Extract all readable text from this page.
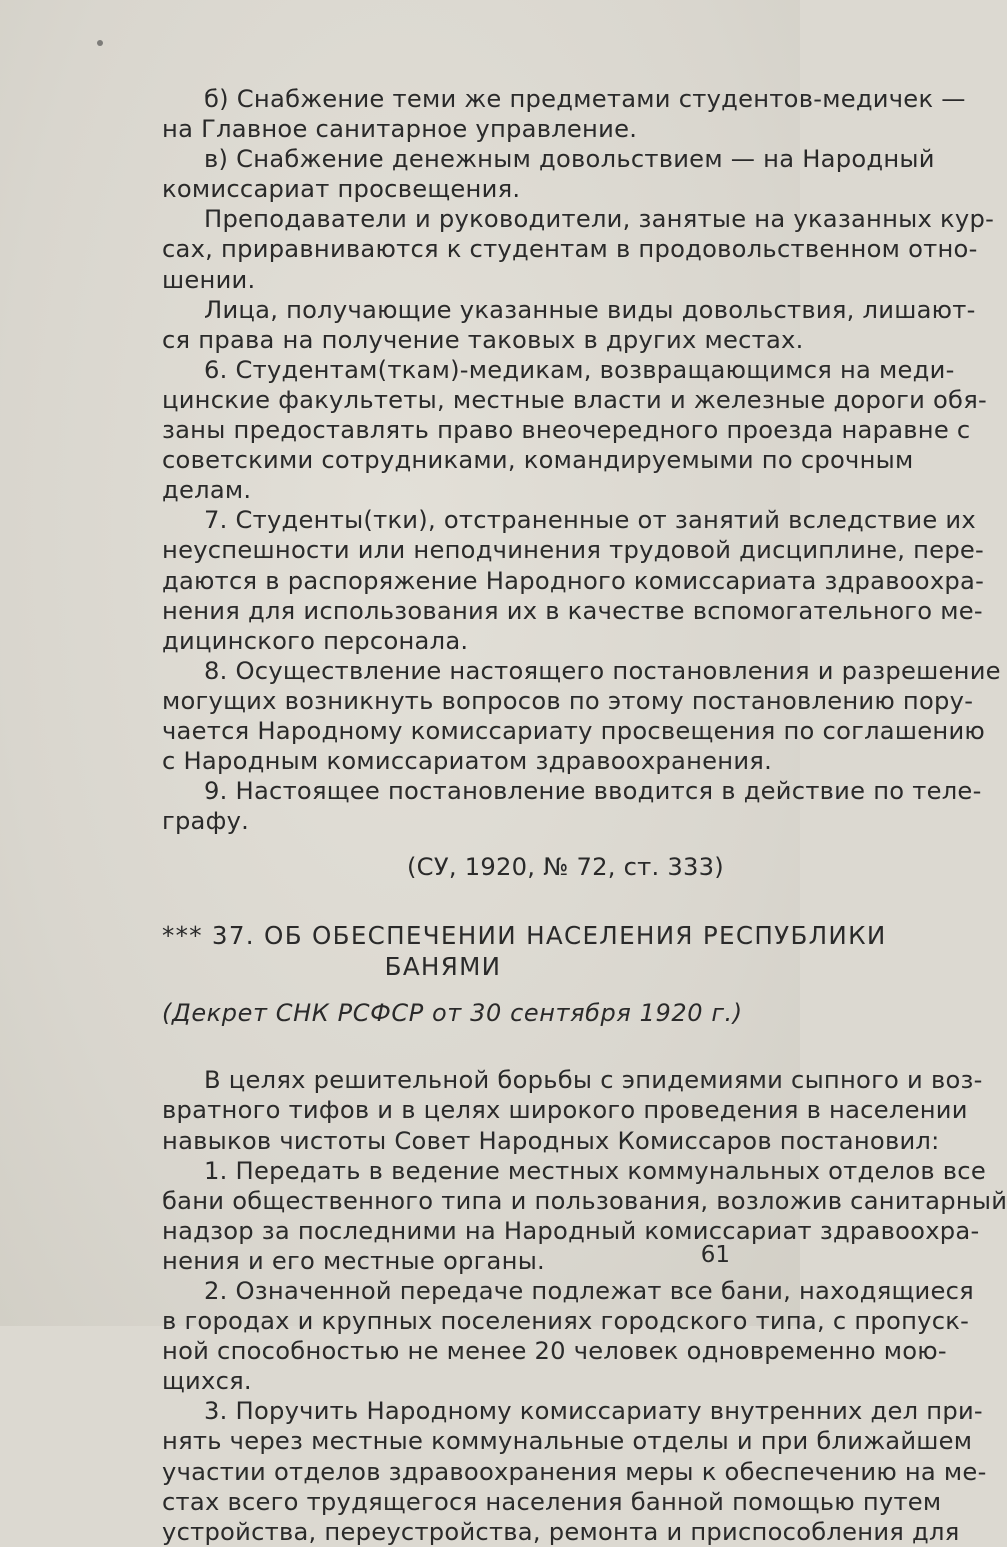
б) Снабжение теми же предметами студентов-медичек —
на Главное санитарное управление.
в) Снабжение денежным довольствием — на Народный
комиссариат просвещения.
Преподаватели и руководители, занятые на указанных кур-
сах, приравниваются к студентам в продовольственном отно-
шении.
Лица, получающие указанные виды довольствия, лишают-
ся права на получение таковых в других местах.
6. Студентам(ткам)-медикам, возвращающимся на меди-
цинские факультеты, местные власти и железные дороги обя-
заны предоставлять право внеочередного проезда наравне с
советскими сотрудниками, командируемыми по срочным
делам.
7. Студенты(тки), отстраненные от занятий вследствие их
неуспешности или неподчинения трудовой дисциплине, пере-
даются в распоряжение Народного комиссариата здравоохра-
нения для использования их в качестве вспомогательного ме-
дицинского персонала.
8. Осуществление настоящего постановления и разрешение
могущих возникнуть вопросов по этому постановлению пору-
чается Народному комиссариату просвещения по соглашению
с Народным комиссариатом здравоохранения.
9. Настоящее постановление вводится в действие по теле-
графу.
(СУ, 1920, № 72, ст. 333)
*** 37. ОБ ОБЕСПЕЧЕНИИ НАСЕЛЕНИЯ РЕСПУБЛИКИ
БАНЯМИ
(Декрет СНК РСФСР от 30 сентября 1920 г.)
В целях решительной борьбы с эпидемиями сыпного и воз-
вратного тифов и в целях широкого проведения в населении
навыков чистоты Совет Народных Комиссаров постановил:
1. Передать в ведение местных коммунальных отделов все
бани общественного типа и пользования, возложив санитарный
надзор за последними на Народный комиссариат здравоохра-
нения и его местные органы.
2. Означенной передаче подлежат все бани, находящиеся
в городах и крупных поселениях городского типа, с пропуск-
ной способностью не менее 20 человек одновременно мою-
щихся.
3. Поручить Народному комиссариату внутренних дел при-
нять через местные коммунальные отделы и при ближайшем
участии отделов здравоохранения меры к обеспечению на ме-
стах всего трудящегося населения банной помощью путем
устройства, переустройства, ремонта и приспособления для
61
